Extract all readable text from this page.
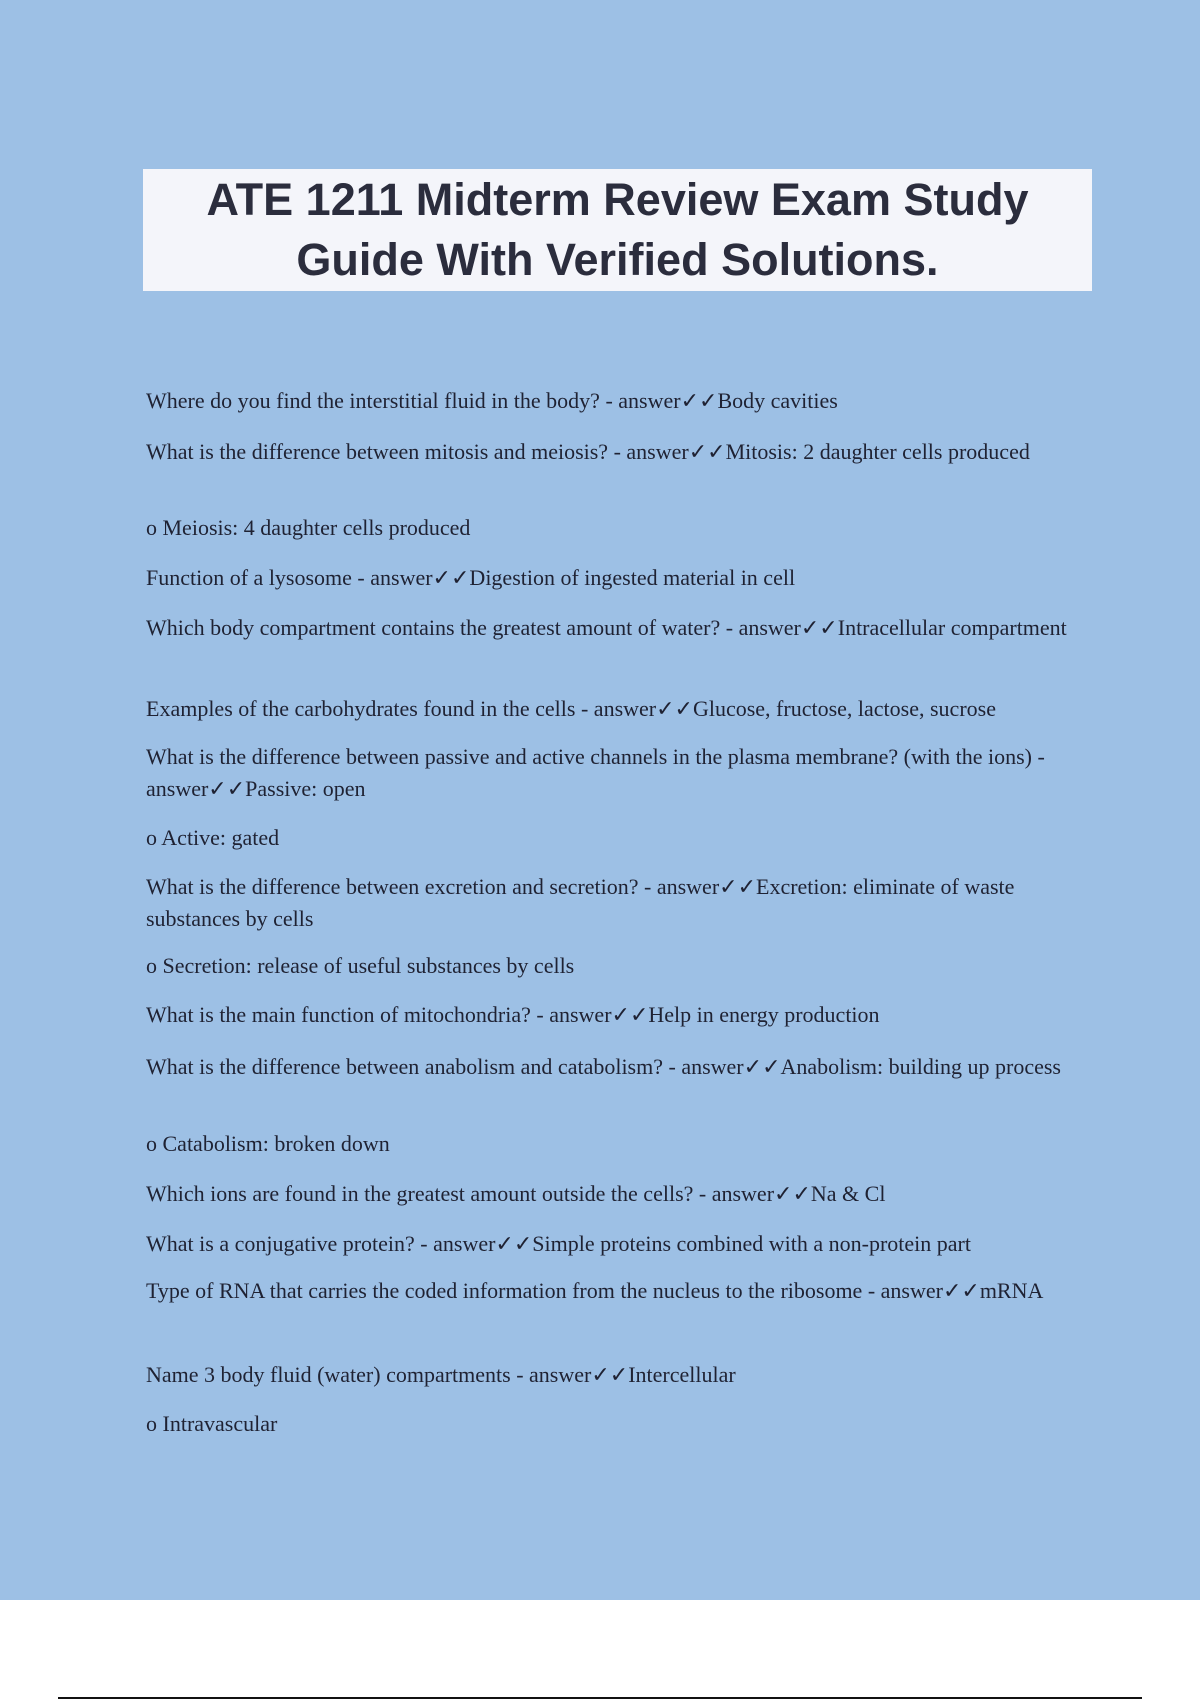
ATE 1211 Midterm Review Exam Study Guide With Verified Solutions.

Where do you find the interstitial fluid in the body? - answer✓✓Body cavities

What is the difference between mitosis and meiosis? - answer✓✓Mitosis: 2 daughter cells produced

o Meiosis: 4 daughter cells produced

Function of a lysosome - answer✓✓Digestion of ingested material in cell

Which body compartment contains the greatest amount of water? - answer✓✓Intracellular compartment

Examples of the carbohydrates found in the cells - answer✓✓Glucose, fructose, lactose, sucrose

What is the difference between passive and active channels in the plasma membrane? (with the ions) - answer✓✓Passive: open

o Active: gated

What is the difference between excretion and secretion? - answer✓✓Excretion: eliminate of waste substances by cells

o Secretion: release of useful substances by cells

What is the main function of mitochondria? - answer✓✓Help in energy production

What is the difference between anabolism and catabolism? - answer✓✓Anabolism: building up process

o Catabolism: broken down

Which ions are found in the greatest amount outside the cells? - answer✓✓Na & Cl

What is a conjugative protein? - answer✓✓Simple proteins combined with a non-protein part

Type of RNA that carries the coded information from the nucleus to the ribosome - answer✓✓mRNA

Name 3 body fluid (water) compartments - answer✓✓Intercellular

o Intravascular
